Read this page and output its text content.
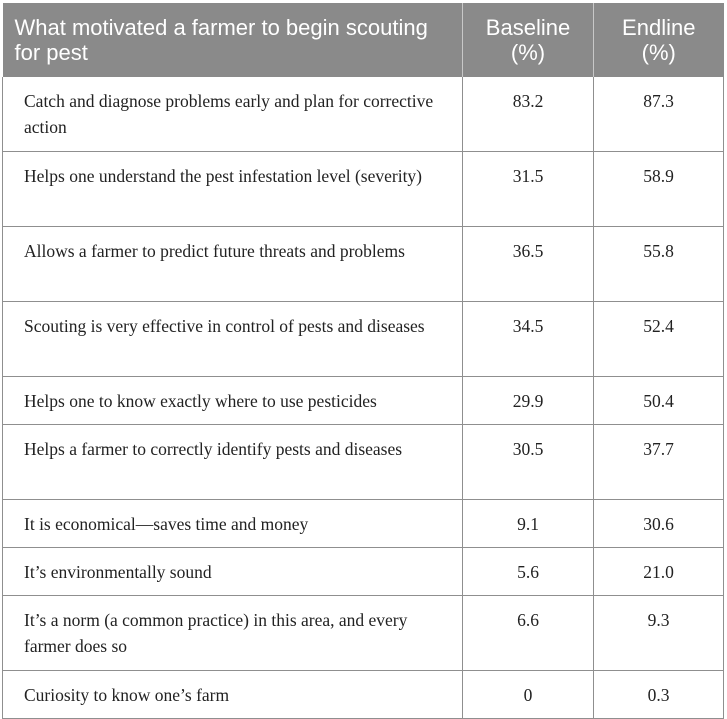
What motivated a farmer to begin scouting for pest	Baseline (%)	Endline (%)
Catch and diagnose problems early and plan for corrective action	83.2	87.3
Helps one understand the pest infestation level (severity)	31.5	58.9
Allows a farmer to predict future threats and problems	36.5	55.8
Scouting is very effective in control of pests and diseases	34.5	52.4
Helps one to know exactly where to use pesticides	29.9	50.4
Helps a farmer to correctly identify pests and diseases	30.5	37.7
It is economical—saves time and money	9.1	30.6
It’s environmentally sound	5.6	21.0
It’s a norm (a common practice) in this area, and every farmer does so	6.6	9.3
Curiosity to know one’s farm	0	0.3
